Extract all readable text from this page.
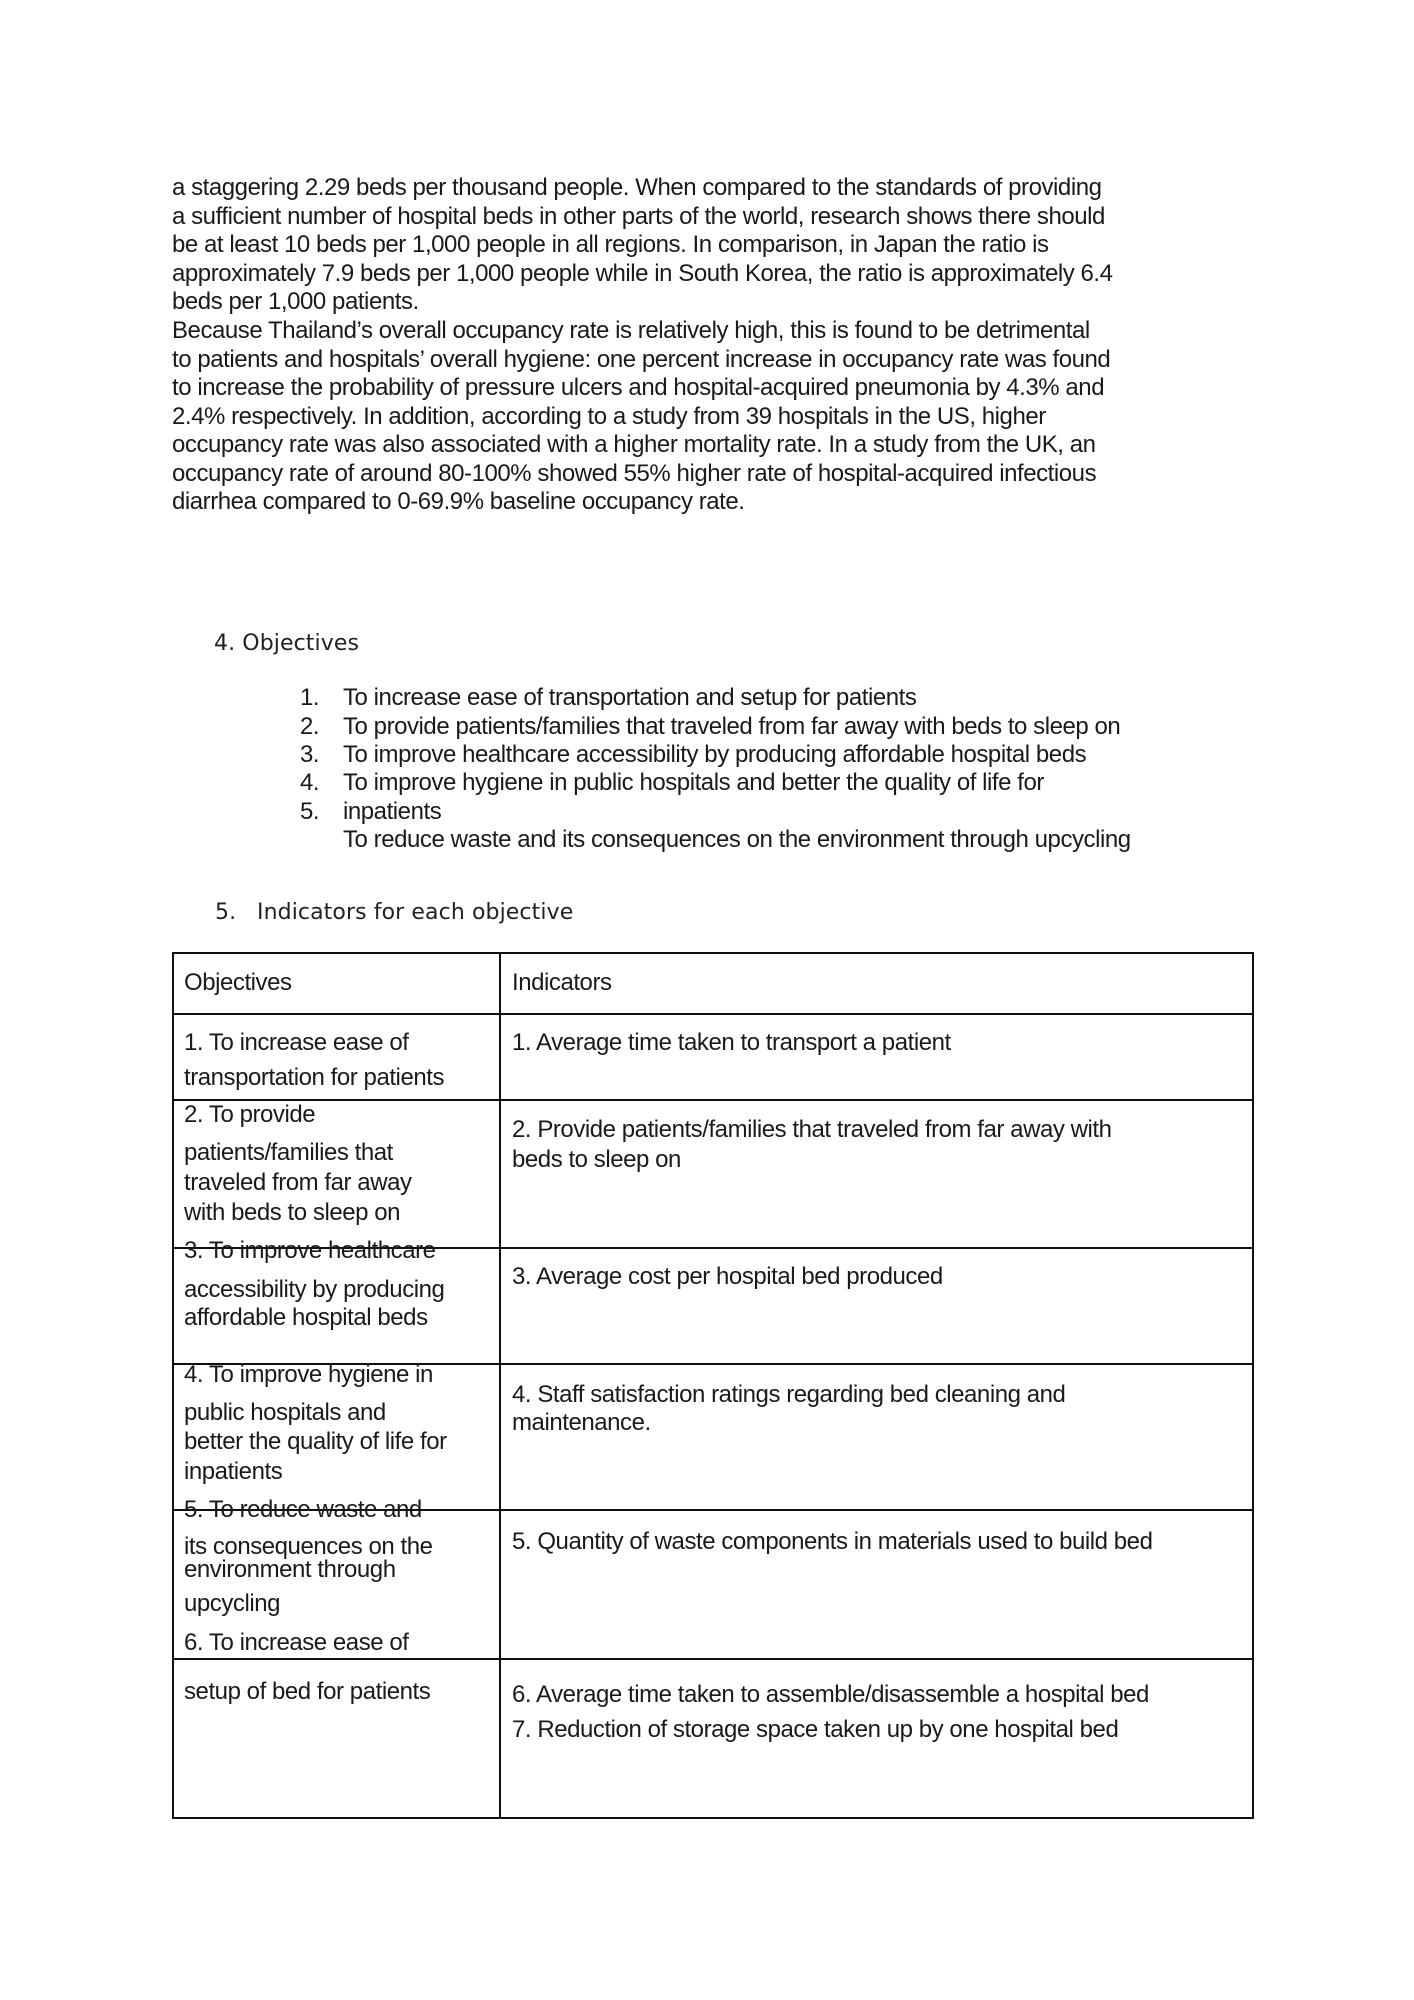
a staggering 2.29 beds per thousand people. When compared to the standards of providing
a sufficient number of hospital beds in other parts of the world, research shows there should
be at least 10 beds per 1,000 people in all regions. In comparison, in Japan the ratio is
approximately 7.9 beds per 1,000 people while in South Korea, the ratio is approximately 6.4
beds per 1,000 patients.
Because Thailand’s overall occupancy rate is relatively high, this is found to be detrimental
to patients and hospitals’ overall hygiene: one percent increase in occupancy rate was found
to increase the probability of pressure ulcers and hospital-acquired pneumonia by 4.3% and
2.4% respectively. In addition, according to a study from 39 hospitals in the US, higher
occupancy rate was also associated with a higher mortality rate. In a study from the UK, an
occupancy rate of around 80-100% showed 55% higher rate of hospital-acquired infectious
diarrhea compared to 0-69.9% baseline occupancy rate.
4. Objectives
1.
2.
3.
4.
5.
To increase ease of transportation and setup for patients
To provide patients/families that traveled from far away with beds to sleep on
To improve healthcare accessibility by producing affordable hospital beds
To improve hygiene in public hospitals and better the quality of life for
inpatients
To reduce waste and its consequences on the environment through upcycling
5. Indicators for each objective
Objectives	Indicators
1. To increase ease of
transportation for patients
1. Average time taken to transport a patient
2. To provide
patients/families that
traveled from far away
with beds to sleep on
2. Provide patients/families that traveled from far away with
beds to sleep on
3. To improve healthcare
accessibility by producing
affordable hospital beds
3. Average cost per hospital bed produced
4. To improve hygiene in
public hospitals and
better the quality of life for
inpatients
4. Staff satisfaction ratings regarding bed cleaning and
maintenance.
5. To reduce waste and
its consequences on the
environment through
upcycling
6. To increase ease of
5. Quantity of waste components in materials used to build bed
setup of bed for patients	6. Average time taken to assemble/disassemble a hospital bed
7. Reduction of storage space taken up by one hospital bed
